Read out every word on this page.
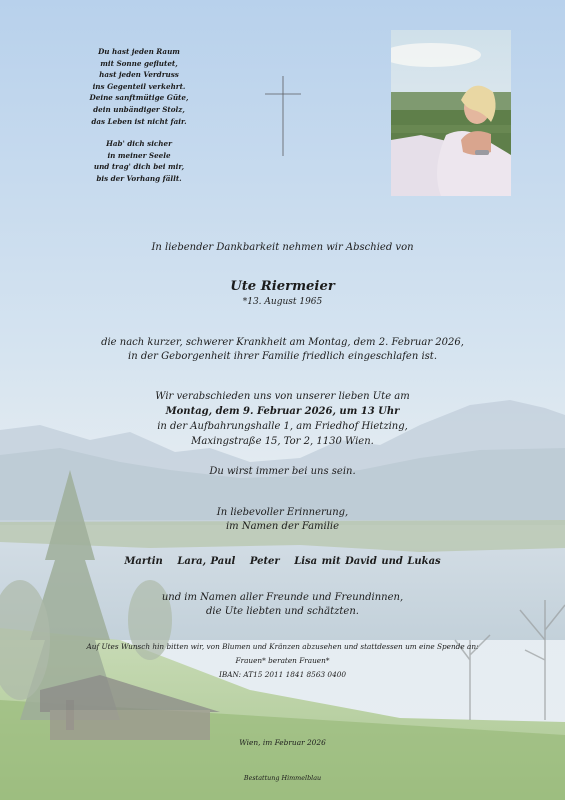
Du hast jeden Raum
mit Sonne geflutet,
hast jeden Verdruss
ins Gegenteil verkehrt.
Deine sanftmütige Güte,
dein unbändiger Stolz,
das Leben ist nicht fair.
Hab' dich sicher
in meiner Seele
und trag' dich bei mir,
bis der Vorhang fällt.
In liebender Dankbarkeit nehmen wir Abschied von
Ute Riermeier
*13. August 1965
die nach kurzer, schwerer Krankheit am Montag, dem 2. Februar 2026,
in der Geborgenheit ihrer Familie friedlich eingeschlafen ist.
Wir verabschieden uns von unserer lieben Ute am
Montag, dem 9. Februar 2026, um 13 Uhr
in der Aufbahrungshalle 1, am Friedhof Hietzing,
Maxingstraße 15, Tor 2, 1130 Wien.
Du wirst immer bei uns sein.
In liebevoller Erinnerung,
im Namen der Familie
Martin Lara, Paul Peter Lisa mit David und Lukas
und im Namen aller Freunde und Freundinnen,
die Ute liebten und schätzten.
Auf Utes Wunsch hin bitten wir, von Blumen und Kränzen abzusehen und stattdessen um eine Spende an:
Frauen* beraten Frauen*
IBAN: AT15 2011 1841 8563 0400
Wien, im Februar 2026
Bestattung Himmelblau
